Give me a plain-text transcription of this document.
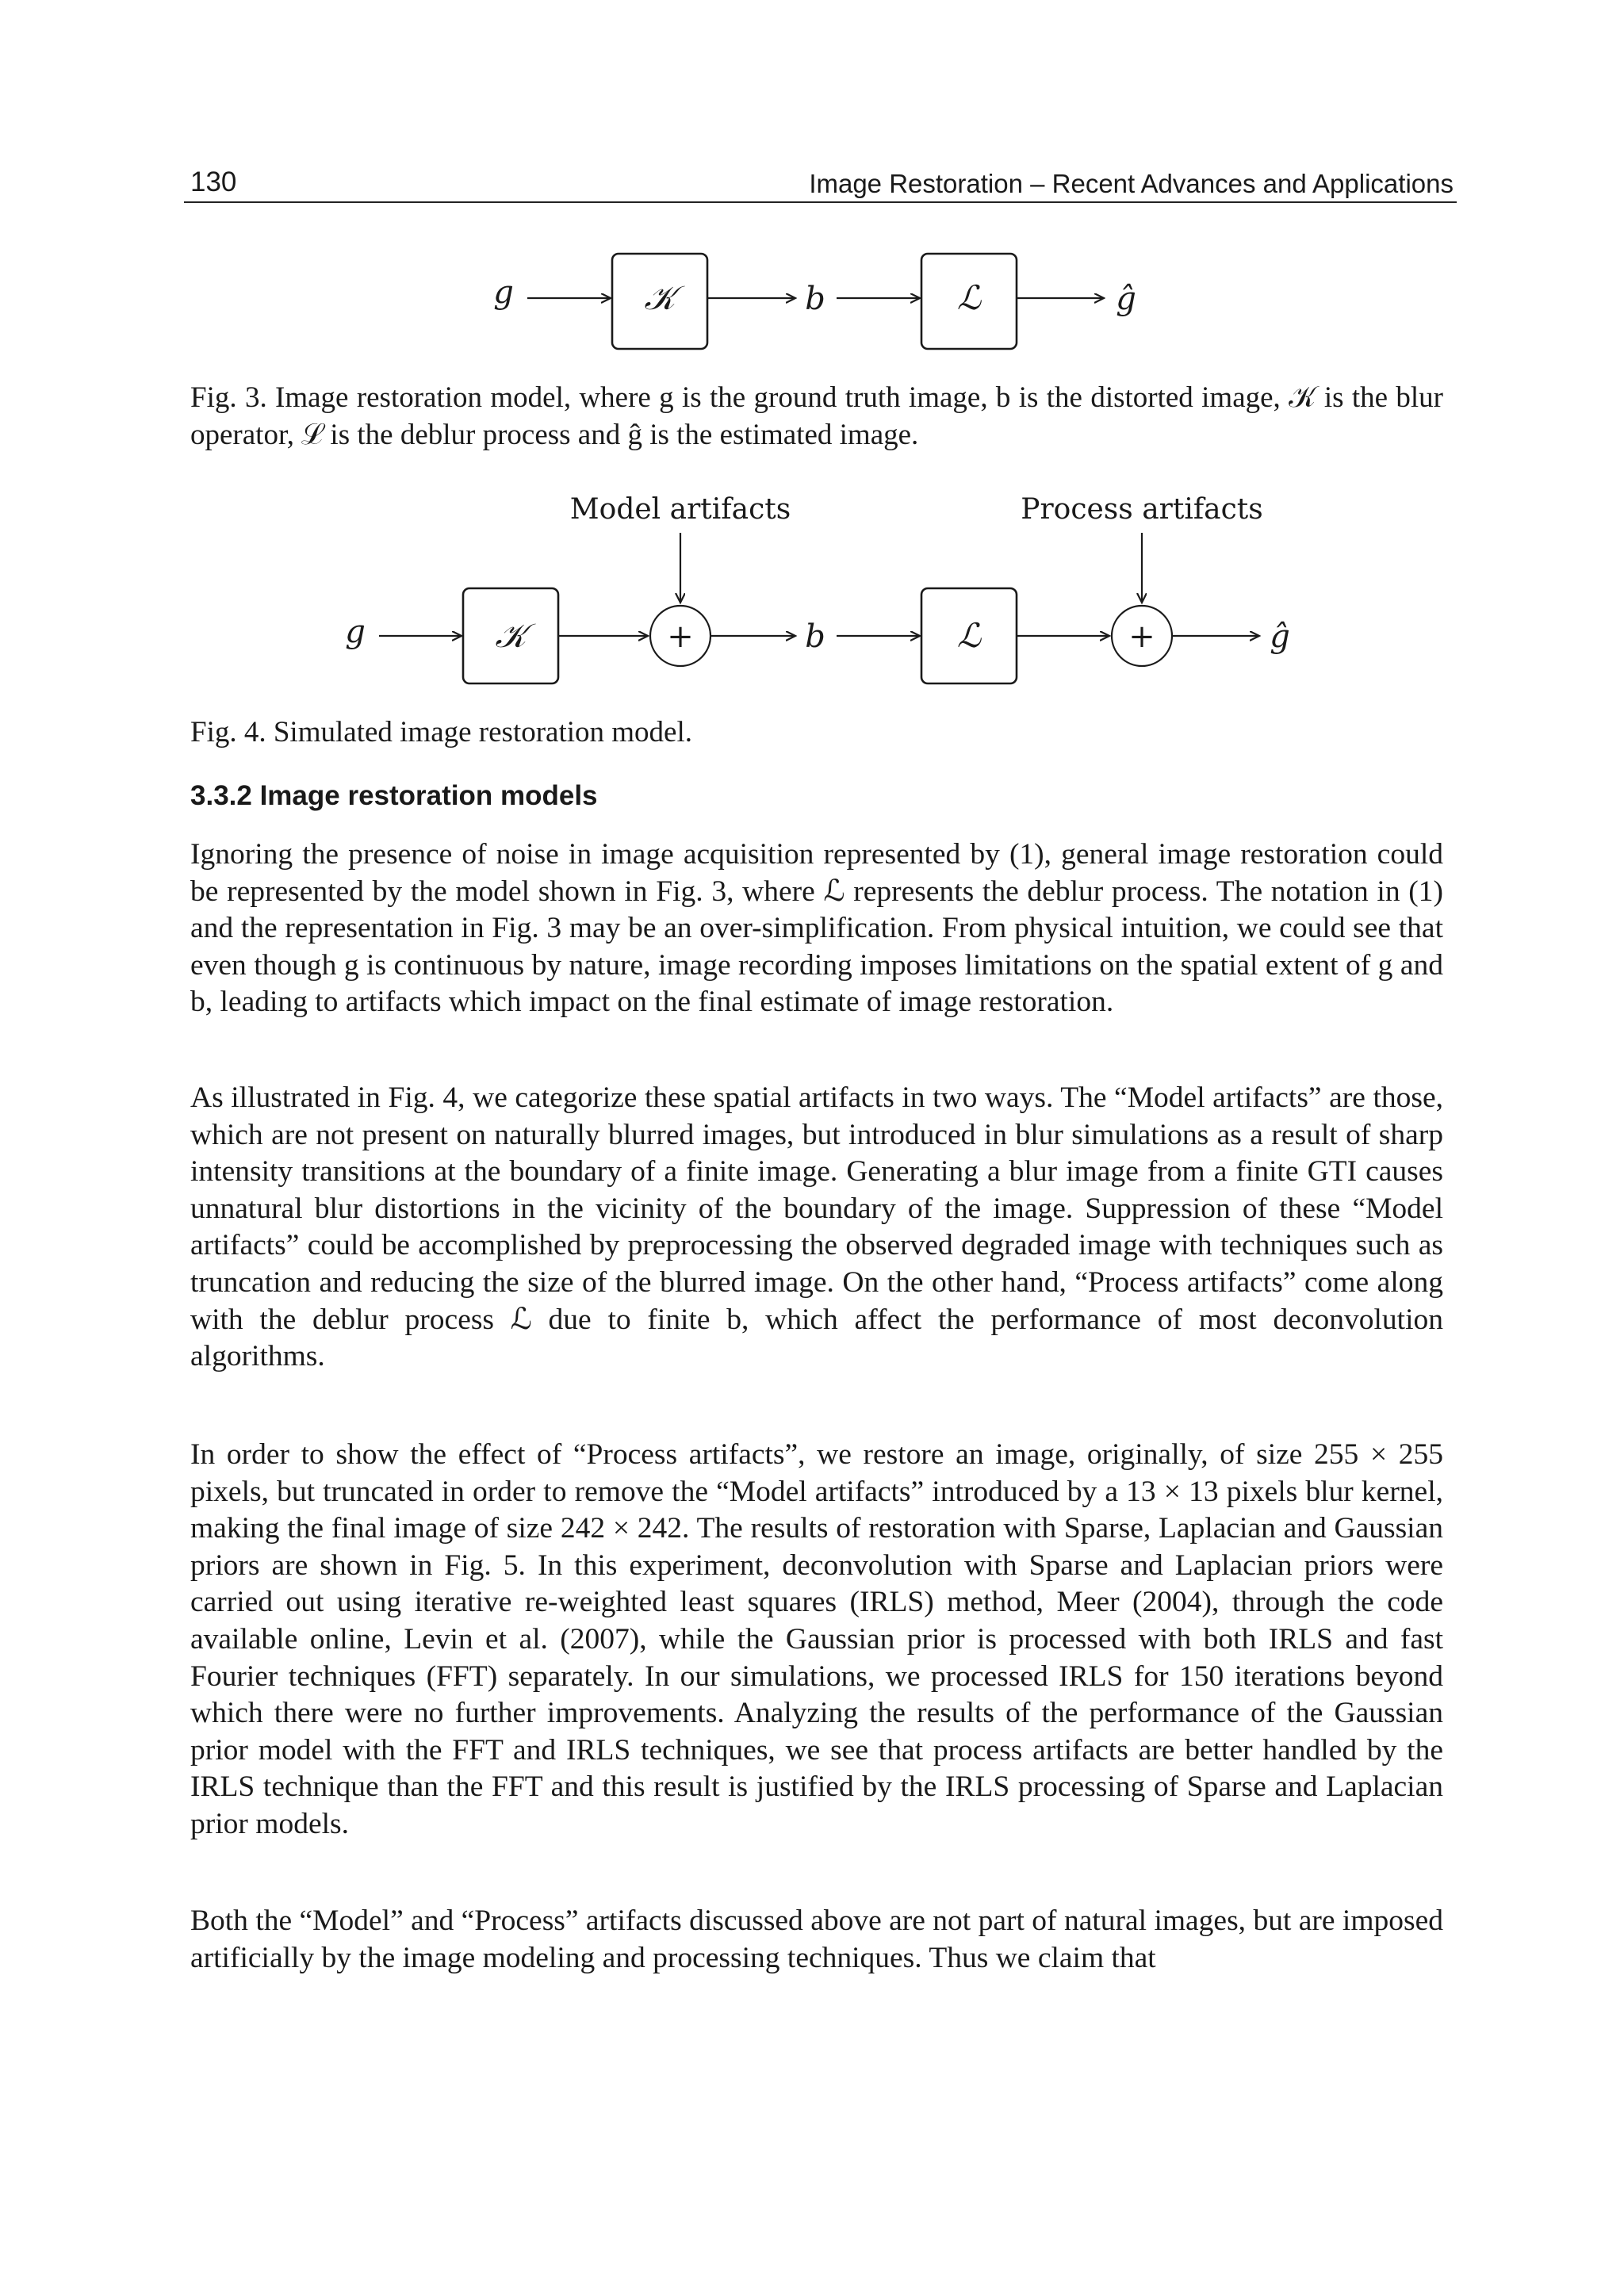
130	Image Restoration – Recent Advances and Applications
g	𝒦	b	ℒ	ĝ

Fig. 3. Image restoration model, where g is the ground truth image, b is the distorted image, 𝒦 is the blur operator, ℒ is the deblur process and ĝ is the estimated image.

Model artifacts	Process artifacts
g	𝒦	+	b	ℒ	+	ĝ

Fig. 4. Simulated image restoration model.

3.3.2 Image restoration models

Ignoring the presence of noise in image acquisition represented by (1), general image restoration could be represented by the model shown in Fig. 3, where ℒ represents the deblur process. The notation in (1) and the representation in Fig. 3 may be an over-simplification. From physical intuition, we could see that even though g is continuous by nature, image recording imposes limitations on the spatial extent of g and b, leading to artifacts which impact on the final estimate of image restoration.

As illustrated in Fig. 4, we categorize these spatial artifacts in two ways. The “Model artifacts” are those, which are not present on naturally blurred images, but introduced in blur simulations as a result of sharp intensity transitions at the boundary of a finite image. Generating a blur image from a finite GTI causes unnatural blur distortions in the vicinity of the boundary of the image. Suppression of these “Model artifacts” could be accomplished by preprocessing the observed degraded image with techniques such as truncation and reducing the size of the blurred image. On the other hand, “Process artifacts” come along with the deblur process ℒ due to finite b, which affect the performance of most deconvolution algorithms.

In order to show the effect of “Process artifacts”, we restore an image, originally, of size 255 × 255 pixels, but truncated in order to remove the “Model artifacts” introduced by a 13 × 13 pixels blur kernel, making the final image of size 242 × 242. The results of restoration with Sparse, Laplacian and Gaussian priors are shown in Fig. 5. In this experiment, deconvolution with Sparse and Laplacian priors were carried out using iterative re-weighted least squares (IRLS) method, Meer (2004), through the code available online, Levin et al. (2007), while the Gaussian prior is processed with both IRLS and fast Fourier techniques (FFT) separately. In our simulations, we processed IRLS for 150 iterations beyond which there were no further improvements. Analyzing the results of the performance of the Gaussian prior model with the FFT and IRLS techniques, we see that process artifacts are better handled by the IRLS technique than the FFT and this result is justified by the IRLS processing of Sparse and Laplacian prior models.

Both the “Model” and “Process” artifacts discussed above are not part of natural images, but are imposed artificially by the image modeling and processing techniques. Thus we claim that
